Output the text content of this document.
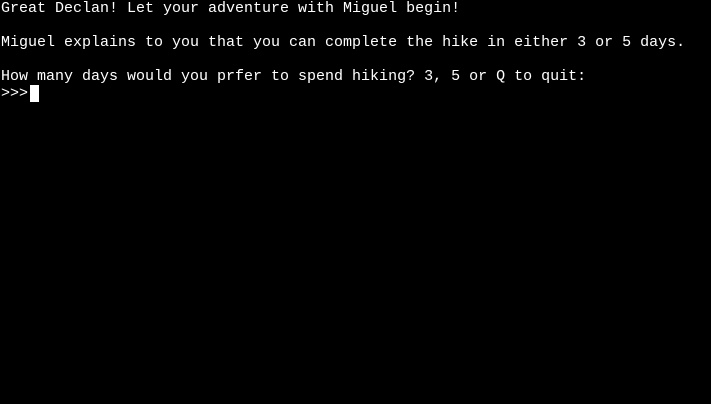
Great Declan! Let your adventure with Miguel begin!
Miguel explains to you that you can complete the hike in either 3 or 5 days.
How many days would you prfer to spend hiking? 3, 5 or Q to quit:
>>>
